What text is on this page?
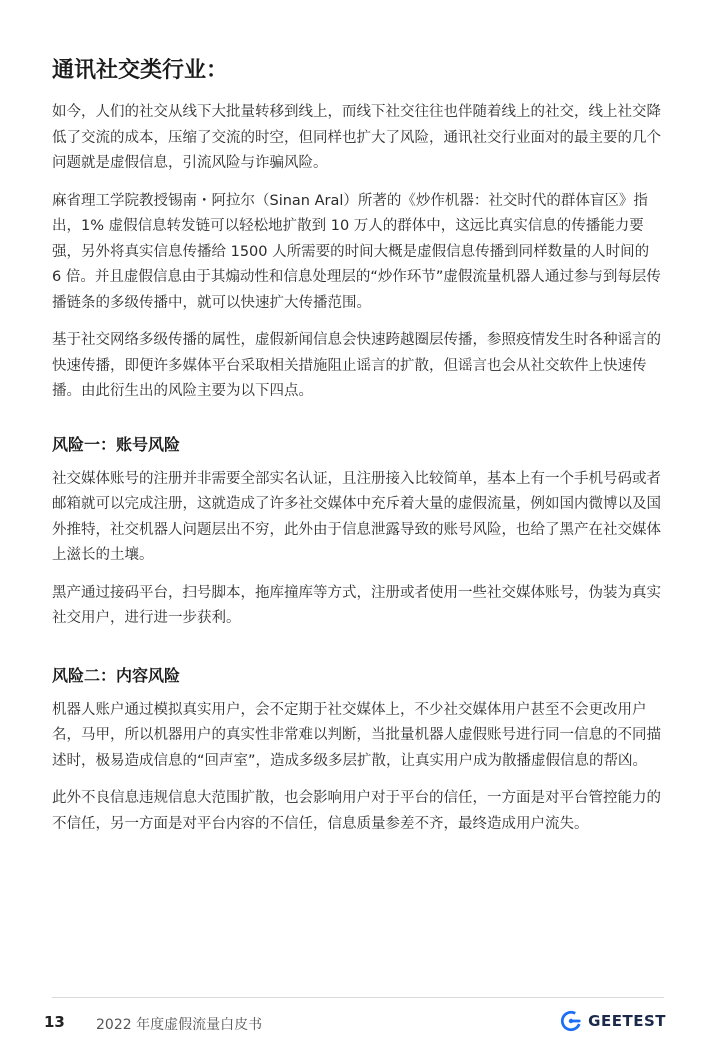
通讯社交类行业：

如今，人们的社交从线下大批量转移到线上，而线下社交往往也伴随着线上的社交，线上社交降低了交流的成本，压缩了交流的时空，但同样也扩大了风险，通讯社交行业面对的最主要的几个问题就是虚假信息，引流风险与诈骗风险。

麻省理工学院教授锡南・阿拉尔（Sinan Aral）所著的《炒作机器：社交时代的群体盲区》指出，1% 虚假信息转发链可以轻松地扩散到 10 万人的群体中，这远比真实信息的传播能力要强，另外将真实信息传播给 1500 人所需要的时间大概是虚假信息传播到同样数量的人时间的 6 倍。并且虚假信息由于其煽动性和信息处理层的“炒作环节”虚假流量机器人通过参与到每层传播链条的多级传播中，就可以快速扩大传播范围。

基于社交网络多级传播的属性，虚假新闻信息会快速跨越圈层传播，参照疫情发生时各种谣言的快速传播，即便许多媒体平台采取相关措施阻止谣言的扩散，但谣言也会从社交软件上快速传播。由此衍生出的风险主要为以下四点。

风险一：账号风险

社交媒体账号的注册并非需要全部实名认证，且注册接入比较简单，基本上有一个手机号码或者邮箱就可以完成注册，这就造成了许多社交媒体中充斥着大量的虚假流量，例如国内微博以及国外推特，社交机器人问题层出不穷，此外由于信息泄露导致的账号风险，也给了黑产在社交媒体上滋长的土壤。

黑产通过接码平台，扫号脚本，拖库撞库等方式，注册或者使用一些社交媒体账号，伪装为真实社交用户，进行进一步获利。

风险二：内容风险

机器人账户通过模拟真实用户，会不定期于社交媒体上，不少社交媒体用户甚至不会更改用户名，马甲，所以机器用户的真实性非常难以判断，当批量机器人虚假账号进行同一信息的不同描述时，极易造成信息的“回声室”，造成多级多层扩散，让真实用户成为散播虚假信息的帮凶。

此外不良信息违规信息大范围扩散，也会影响用户对于平台的信任，一方面是对平台管控能力的不信任，另一方面是对平台内容的不信任，信息质量参差不齐，最终造成用户流失。

13 2022 年度虚假流量白皮书	GEETEST
